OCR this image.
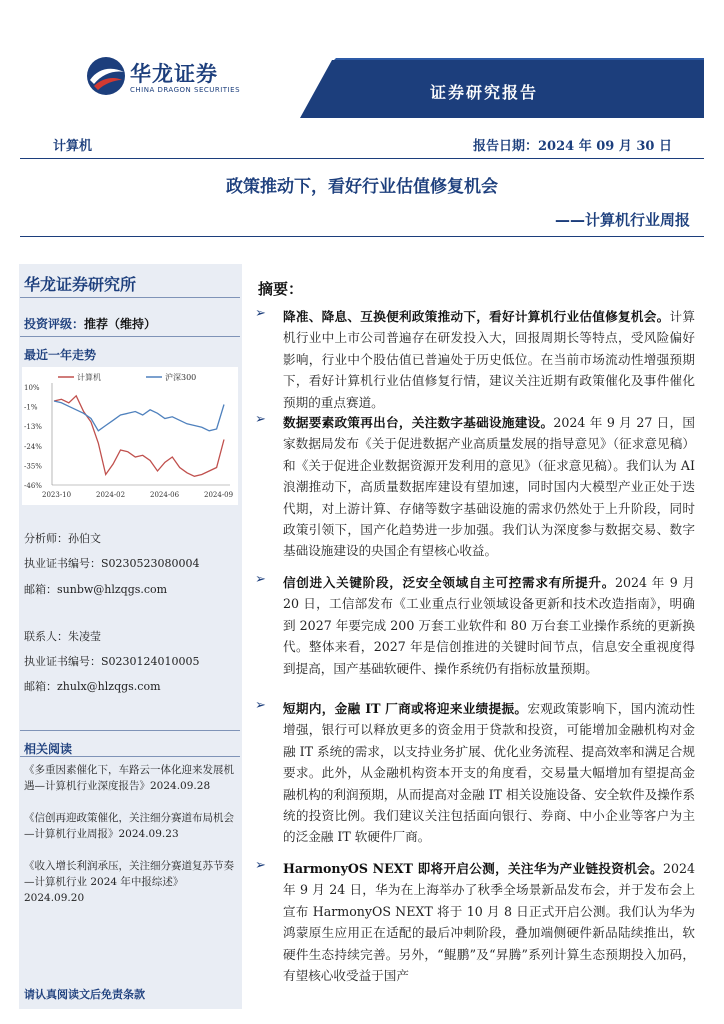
华龙证券
CHINA DRAGON SECURITIES	证券研究报告
计算机	报告日期：2024 年 09 月 30 日
政策推动下，看好行业估值修复机会
——计算机行业周报
华龙证券研究所
投资评级：推荐（维持）
最近一年走势
计算机	沪深300
10%
-1%
-13%
-24%
-35%
-46%
2023-10	2024-02	2024-06	2024-09
分析师：孙伯文
执业证书编号：S0230523080004
邮箱：sunbw@hlzqgs.com
联系人：朱凌莹
执业证书编号：S0230124010005
邮箱：zhulx@hlzqgs.com
相关阅读
《多重因素催化下，车路云一体化迎来发展机遇—计算机行业深度报告》2024.09.28
《信创再迎政策催化，关注细分赛道布局机会—计算机行业周报》2024.09.23
《收入增长利润承压，关注细分赛道复苏节奏—计算机行业 2024 年中报综述》2024.09.20
请认真阅读文后免责条款
摘要：
➢ 降准、降息、互换便利政策推动下，看好计算机行业估值修复机会。计算机行业中上市公司普遍存在研发投入大，回报周期长等特点，受风险偏好影响，行业中个股估值已普遍处于历史低位。在当前市场流动性增强预期下，看好计算机行业估值修复行情，建议关注近期有政策催化及事件催化预期的重点赛道。
➢ 数据要素政策再出台，关注数字基础设施建设。2024 年 9 月 27 日，国家数据局发布《关于促进数据产业高质量发展的指导意见》（征求意见稿）和《关于促进企业数据资源开发利用的意见》（征求意见稿）。我们认为 AI 浪潮推动下，高质量数据库建设有望加速，同时国内大模型产业正处于迭代期，对上游计算、存储等数字基础设施的需求仍然处于上升阶段，同时政策引领下，国产化趋势进一步加强。我们认为深度参与数据交易、数字基础设施建设的央国企有望核心收益。
➢ 信创进入关键阶段，泛安全领域自主可控需求有所提升。2024 年 9 月 20 日，工信部发布《工业重点行业领域设备更新和技术改造指南》，明确到 2027 年要完成 200 万套工业软件和 80 万台套工业操作系统的更新换代。整体来看，2027 年是信创推进的关键时间节点，信息安全重视度得到提高，国产基础软硬件、操作系统仍有指标放量预期。
➢ 短期内，金融 IT 厂商或将迎来业绩提振。宏观政策影响下，国内流动性增强，银行可以释放更多的资金用于贷款和投资，可能增加金融机构对金融 IT 系统的需求，以支持业务扩展、优化业务流程、提高效率和满足合规要求。此外，从金融机构资本开支的角度看，交易量大幅增加有望提高金融机构的利润预期，从而提高对金融 IT 相关设施设备、安全软件及操作系统的投资比例。我们建议关注包括面向银行、券商、中小企业等客户为主的泛金融 IT 软硬件厂商。
➢ HarmonyOS NEXT 即将开启公测，关注华为产业链投资机会。2024 年 9 月 24 日，华为在上海举办了秋季全场景新品发布会，并于发布会上宣布 HarmonyOS NEXT 将于 10 月 8 日正式开启公测。我们认为华为鸿蒙原生应用正在适配的最后冲刺阶段，叠加端侧硬件新品陆续推出，软硬件生态持续完善。另外，“鲲鹏”及“昇腾”系列计算生态预期投入加码，有望核心收受益于国产
